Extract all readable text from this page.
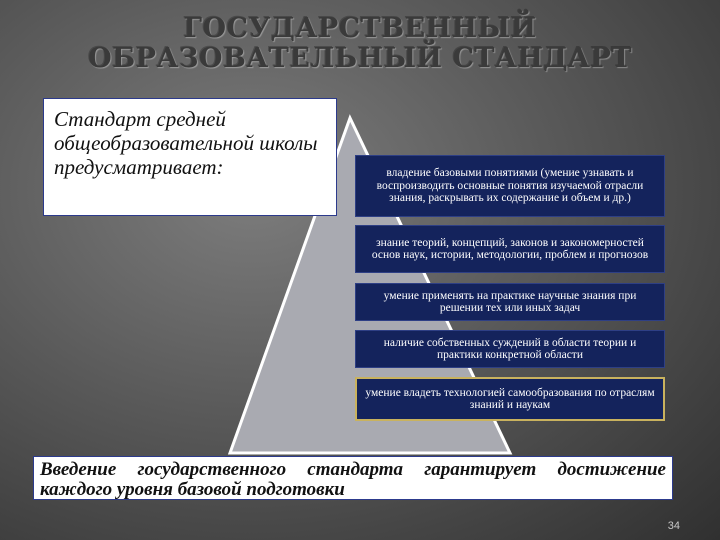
ГОСУДАРСТВЕННЫЙ
ОБРАЗОВАТЕЛЬНЫЙ СТАНДАРТ
Стандарт средней общеобразовательной школы предусматривает:	владение базовыми понятиями (умение узнавать и воспроизводить основные понятия изучаемой отрасли знания, раскрывать их содержание и объем и др.)
знание теорий, концепций, законов и закономерностей основ наук, истории, методологии, проблем и прогнозов
умение применять на практике научные знания при решении тех или иных задач
наличие собственных суждений в области теории и практики конкретной области
умение владеть технологией самообразования по отраслям знаний и наукам
Введение государственного стандарта гарантирует достижение каждого уровня базовой подготовки
34
